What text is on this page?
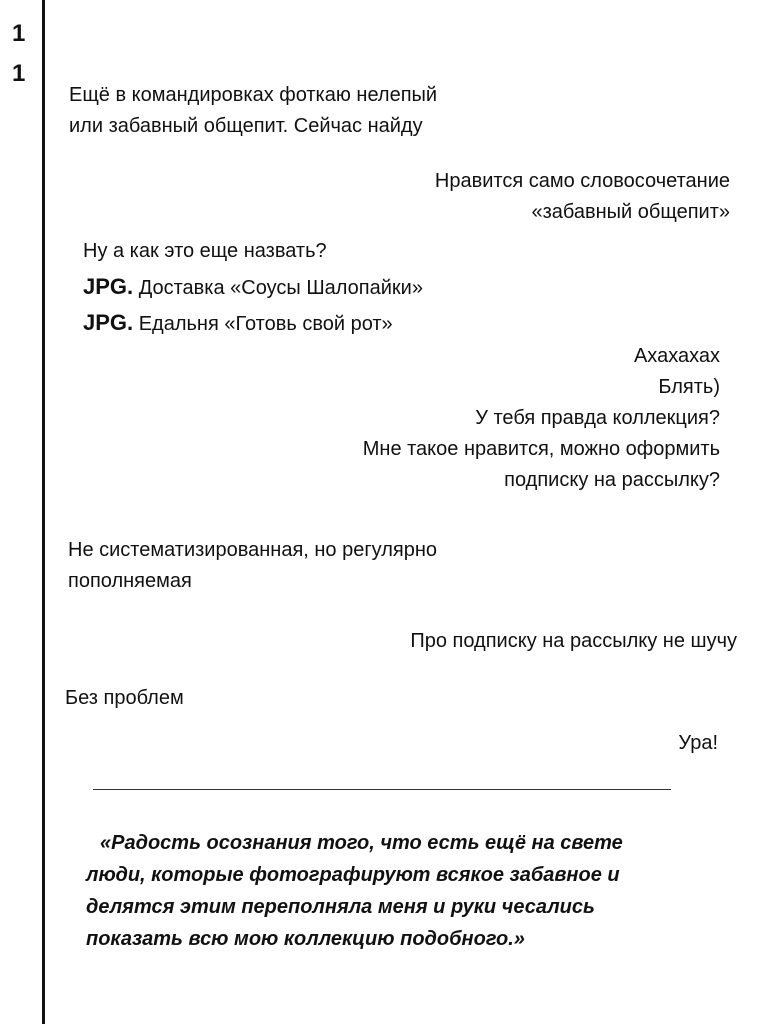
1
1
Ещё в командировках фоткаю нелепый
или забавный общепит. Сейчас найду
Нравится само словосочетание
«забавный общепит»
Ну а как это еще назвать?
JPG. Доставка «Соусы Шалопайки»
JPG. Едальня «Готовь свой рот»
Ахахахах
Блять)
У тебя правда коллекция?
Мне такое нравится, можно оформить
подписку на рассылку?
Не систематизированная, но регулярно
пополняемая
Про подписку на рассылку не шучу
Без проблем
Ура!
«Радость осознания того, что есть ещё на свете
люди, которые фотографируют всякое забавное и
делятся этим переполняла меня и руки чесались
показать всю мою коллекцию подобного.»
